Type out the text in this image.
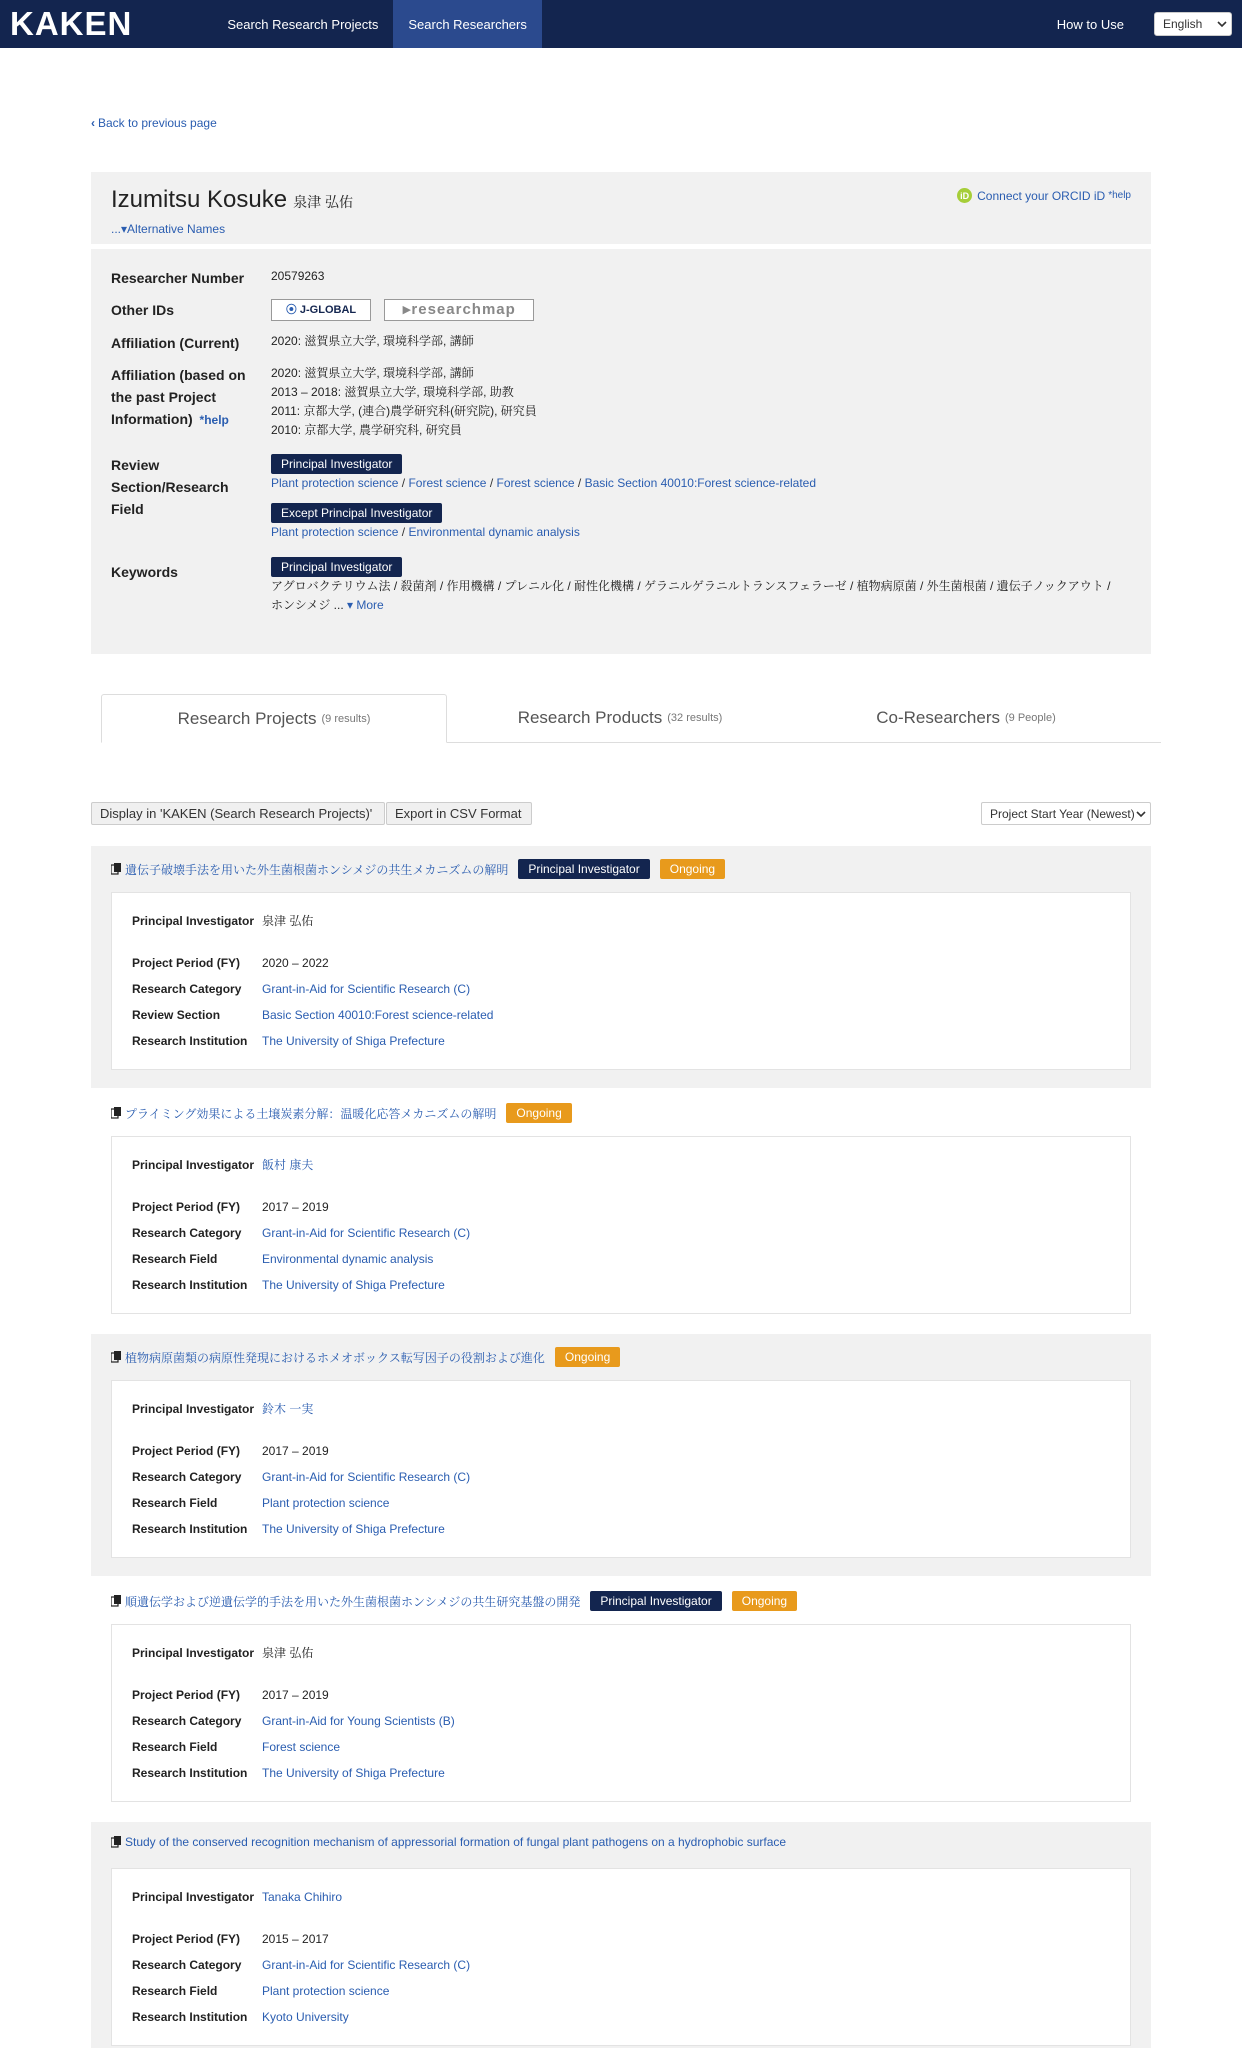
KAKEN	Search Research Projects	Search Researchers	How to Use	English
‹ Back to previous page
Izumitsu Kosuke 泉津 弘佑
...▾Alternative Names
iD Connect your ORCID iD *help
Researcher Number	20579263
Other IDs	⦿ J-GLOBAL	▸researchmap
Affiliation (Current)	2020: 滋賀県立大学, 環境科学部, 講師
Affiliation (based on the past Project Information) *help
2020: 滋賀県立大学, 環境科学部, 講師
2013 – 2018: 滋賀県立大学, 環境科学部, 助教
2011: 京都大学, (連合)農学研究科(研究院), 研究員
2010: 京都大学, 農学研究科, 研究員
Review Section/Research Field
Principal Investigator
Plant protection science / Forest science / Forest science / Basic Section 40010:Forest science-related
Except Principal Investigator
Plant protection science / Environmental dynamic analysis
Keywords	Principal Investigator
アグロバクテリウム法 / 殺菌剤 / 作用機構 / プレニル化 / 耐性化機構 / ゲラニルゲラニルトランスフェラーゼ / 植物病原菌 / 外生菌根菌 / 遺伝子ノックアウト /
ホンシメジ ... ▾ More
Research Projects (9 results)	Research Products (32 results)	Co-Researchers (9 People)
Display in 'KAKEN (Search Research Projects)'	Export in CSV Format	Project Start Year (Newest)
遺伝子破壊手法を用いた外生菌根菌ホンシメジの共生メカニズムの解明	Principal Investigator	Ongoing
Principal Investigator 泉津 弘佑
Project Period (FY)	2020 – 2022
Research Category	Grant-in-Aid for Scientific Research (C)
Review Section	Basic Section 40010:Forest science-related
Research Institution	The University of Shiga Prefecture
プライミング効果による土壌炭素分解：温暖化応答メカニズムの解明	Ongoing
Principal Investigator 飯村 康夫
Project Period (FY)	2017 – 2019
Research Category	Grant-in-Aid for Scientific Research (C)
Research Field	Environmental dynamic analysis
Research Institution	The University of Shiga Prefecture
植物病原菌類の病原性発現におけるホメオボックス転写因子の役割および進化	Ongoing
Principal Investigator 鈴木 一実
Project Period (FY)	2017 – 2019
Research Category	Grant-in-Aid for Scientific Research (C)
Research Field	Plant protection science
Research Institution	The University of Shiga Prefecture
順遺伝学および逆遺伝学的手法を用いた外生菌根菌ホンシメジの共生研究基盤の開発	Principal Investigator	Ongoing
Principal Investigator 泉津 弘佑
Project Period (FY)	2017 – 2019
Research Category	Grant-in-Aid for Young Scientists (B)
Research Field	Forest science
Research Institution	The University of Shiga Prefecture
Study of the conserved recognition mechanism of appressorial formation of fungal plant pathogens on a hydrophobic surface
Principal Investigator Tanaka Chihiro
Project Period (FY)	2015 – 2017
Research Category	Grant-in-Aid for Scientific Research (C)
Research Field	Plant protection science
Research Institution	Kyoto University
